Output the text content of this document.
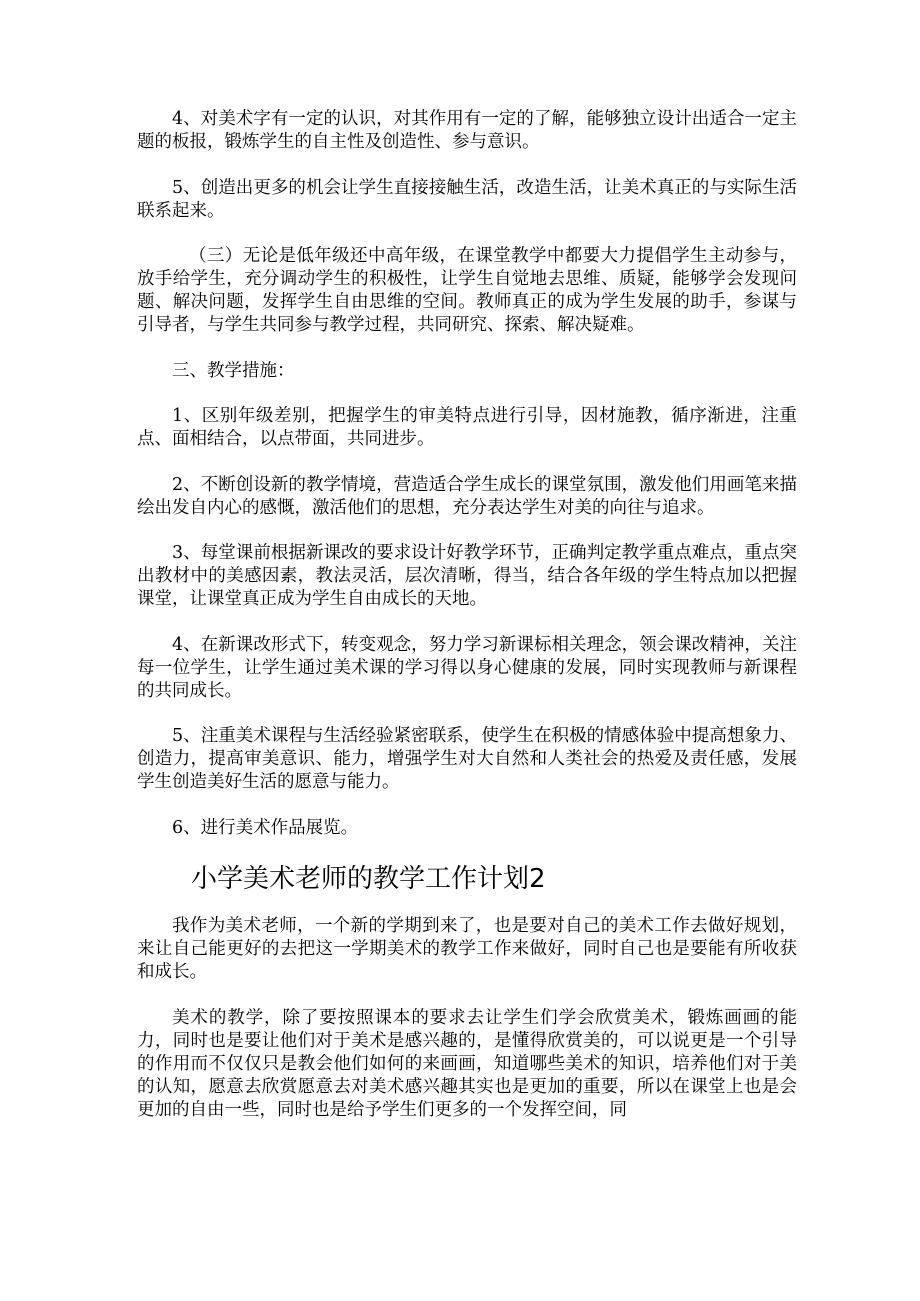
4、对美术字有一定的认识，对其作用有一定的了解，能够独立设计出适合一定主题的板报，锻炼学生的自主性及创造性、参与意识。

5、创造出更多的机会让学生直接接触生活，改造生活，让美术真正的与实际生活联系起来。

（三）无论是低年级还中高年级，在课堂教学中都要大力提倡学生主动参与，放手给学生，充分调动学生的积极性，让学生自觉地去思维、质疑，能够学会发现问题、解决问题，发挥学生自由思维的空间。教师真正的成为学生发展的助手，参谋与引导者，与学生共同参与教学过程，共同研究、探索、解决疑难。

三、教学措施：

1、区别年级差别，把握学生的审美特点进行引导，因材施教，循序渐进，注重点、面相结合，以点带面，共同进步。

2、不断创设新的教学情境，营造适合学生成长的课堂氛围，激发他们用画笔来描绘出发自内心的感慨，激活他们的思想，充分表达学生对美的向往与追求。

3、每堂课前根据新课改的要求设计好教学环节，正确判定教学重点难点，重点突出教材中的美感因素，教法灵活，层次清晰，得当，结合各年级的学生特点加以把握课堂，让课堂真正成为学生自由成长的天地。

4、在新课改形式下，转变观念，努力学习新课标相关理念，领会课改精神，关注每一位学生，让学生通过美术课的学习得以身心健康的发展，同时实现教师与新课程的共同成长。

5、注重美术课程与生活经验紧密联系，使学生在积极的情感体验中提高想象力、创造力，提高审美意识、能力，增强学生对大自然和人类社会的热爱及责任感，发展学生创造美好生活的愿意与能力。

6、进行美术作品展览。

小学美术老师的教学工作计划2

我作为美术老师，一个新的学期到来了，也是要对自己的美术工作去做好规划，来让自己能更好的去把这一学期美术的教学工作来做好，同时自己也是要能有所收获和成长。

美术的教学，除了要按照课本的要求去让学生们学会欣赏美术，锻炼画画的能力，同时也是要让他们对于美术是感兴趣的，是懂得欣赏美的，可以说更是一个引导的作用而不仅仅只是教会他们如何的来画画，知道哪些美术的知识，培养他们对于美的认知，愿意去欣赏愿意去对美术感兴趣其实也是更加的重要，所以在课堂上也是会更加的自由一些，同时也是给予学生们更多的一个发挥空间，同
